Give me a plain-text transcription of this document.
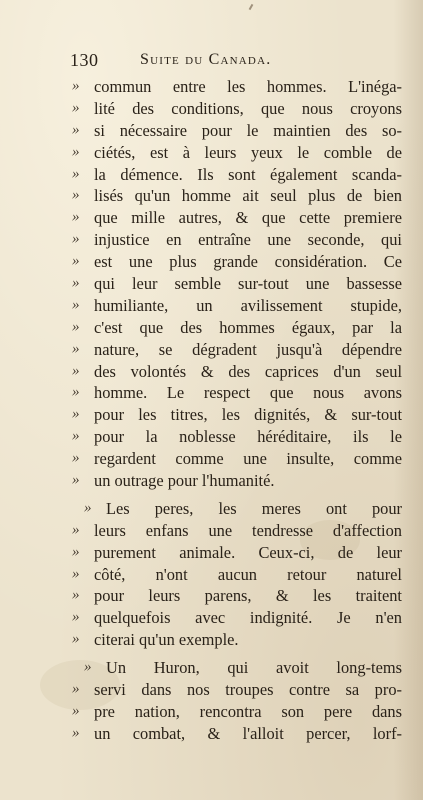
130	Suite du Canada.
» commun entre les hommes. L'inéga-
» lité des conditions, que nous croyons
» si nécessaire pour le maintien des so-
» ciétés, est à leurs yeux le comble de
» la démence. Ils sont également scanda-
» lisés qu'un homme ait seul plus de bien
» que mille autres, & que cette premiere
» injustice en entraîne une seconde, qui
» est une plus grande considération. Ce
» qui leur semble sur-tout une bassesse
» humiliante, un avilissement stupide,
» c'est que des hommes égaux, par la
» nature, se dégradent jusqu'à dépendre
» des volontés & des caprices d'un seul
» homme. Le respect que nous avons
» pour les titres, les dignités, & sur-tout
» pour la noblesse héréditaire, ils le
» regardent comme une insulte, comme
» un outrage pour l'humanité.
» Les peres, les meres ont pour
» leurs enfans une tendresse d'affection
» purement animale. Ceux-ci, de leur
» côté, n'ont aucun retour naturel
» pour leurs parens, & les traitent
» quelquefois avec indignité. Je n'en
» citerai qu'un exemple.
» Un Huron, qui avoit long-tems
» servi dans nos troupes contre sa pro-
» pre nation, rencontra son pere dans
» un combat, & l'alloit percer, lorf-
